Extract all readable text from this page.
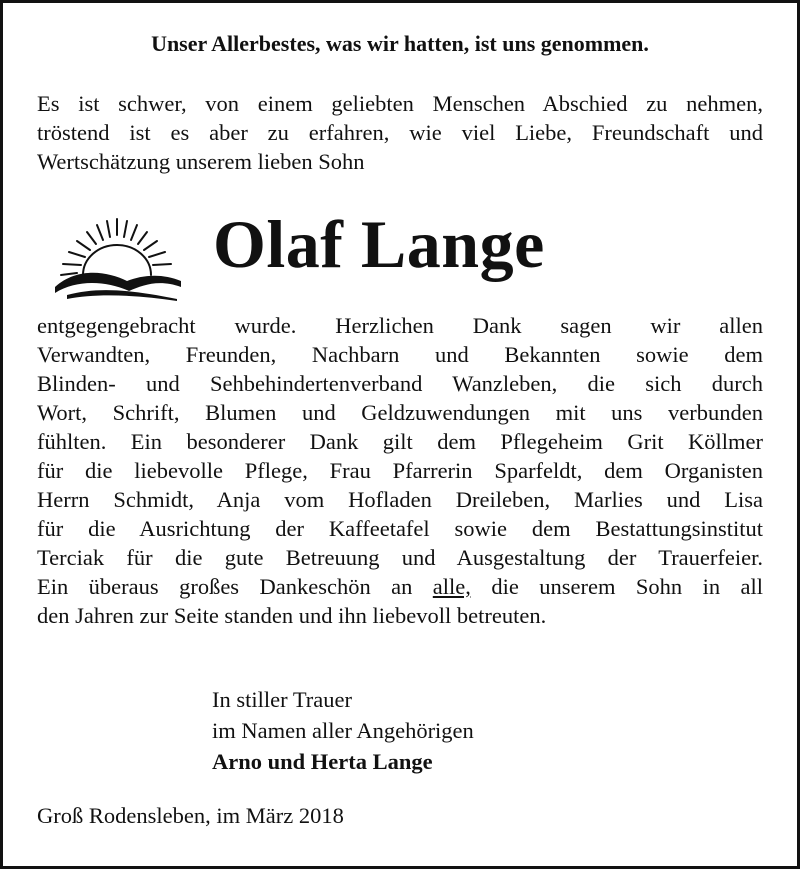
Unser Allerbestes, was wir hatten, ist uns genommen.
Es ist schwer, von einem geliebten Menschen Abschied zu nehmen,
tröstend ist es aber zu erfahren, wie viel Liebe, Freundschaft und
Wertschätzung unserem lieben Sohn
Olaf Lange
entgegengebracht wurde. Herzlichen Dank sagen wir allen
Verwandten, Freunden, Nachbarn und Bekannten sowie dem
Blinden- und Sehbehindertenverband Wanzleben, die sich durch
Wort, Schrift, Blumen und Geldzuwendungen mit uns verbunden
fühlten. Ein besonderer Dank gilt dem Pflegeheim Grit Köllmer
für die liebevolle Pflege, Frau Pfarrerin Sparfeldt, dem Organisten
Herrn Schmidt, Anja vom Hofladen Dreileben, Marlies und Lisa
für die Ausrichtung der Kaffeetafel sowie dem Bestattungsinstitut
Terciak für die gute Betreuung und Ausgestaltung der Trauerfeier.
Ein überaus großes Dankeschön an alle, die unserem Sohn in all
den Jahren zur Seite standen und ihn liebevoll betreuten.
In stiller Trauer
im Namen aller Angehörigen
Arno und Herta Lange
Groß Rodensleben, im März 2018
